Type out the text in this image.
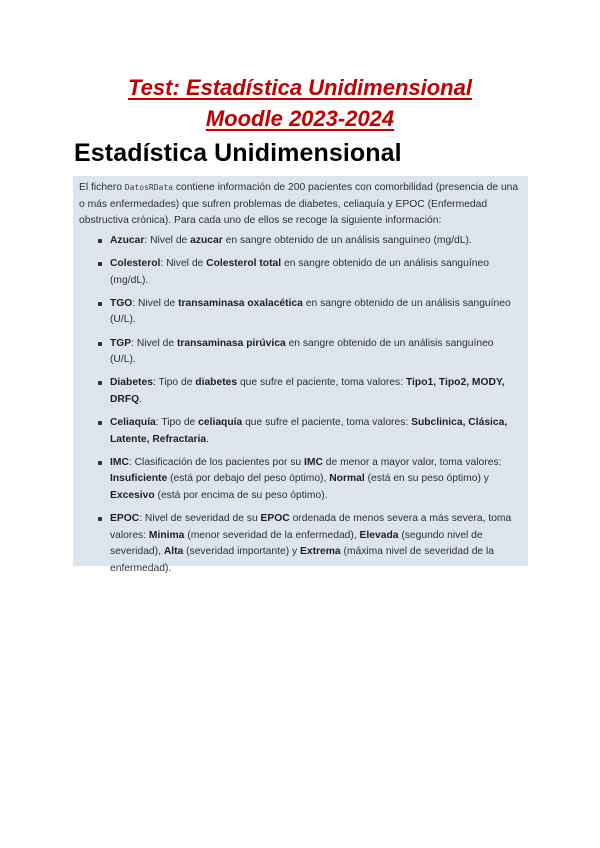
Test: Estadística Unidimensional
Moodle 2023-2024
Estadística Unidimensional

El fichero DatosRData contiene información de 200 pacientes con comorbilidad (presencia de una o más enfermedades) que sufren problemas de diabetes, celiaquía y EPOC (Enfermedad obstructiva crónica). Para cada uno de ellos se recoge la siguiente información:

Azucar: Nivel de azucar en sangre obtenido de un análisis sanguíneo (mg/dL).
Colesterol: Nivel de Colesterol total en sangre obtenido de un análisis sanguíneo (mg/dL).
TGO: Nivel de transaminasa oxalacética en sangre obtenido de un análisis sanguíneo (U/L).
TGP: Nivel de transaminasa pirúvica en sangre obtenido de un análisis sanguíneo (U/L).
Diabetes: Tipo de diabetes que sufre el paciente, toma valores: Tipo1, Tipo2, MODY, DRFQ.
Celiaquía: Tipo de celiaquía que sufre el paciente, toma valores: Subclinica, Clásica, Latente, Refractaria.
IMC: Clasificación de los pacientes por su IMC de menor a mayor valor, toma valores: Insuficiente (está por debajo del peso óptimo), Normal (está en su peso óptimo) y Excesivo (está por encima de su peso óptimo).
EPOC: Nivel de severidad de su EPOC ordenada de menos severa a más severa, toma valores: Minima (menor severidad de la enfermedad), Elevada (segundo nivel de severidad), Alta (severidad importante) y Extrema (máxima nivel de severidad de la enfermedad).
